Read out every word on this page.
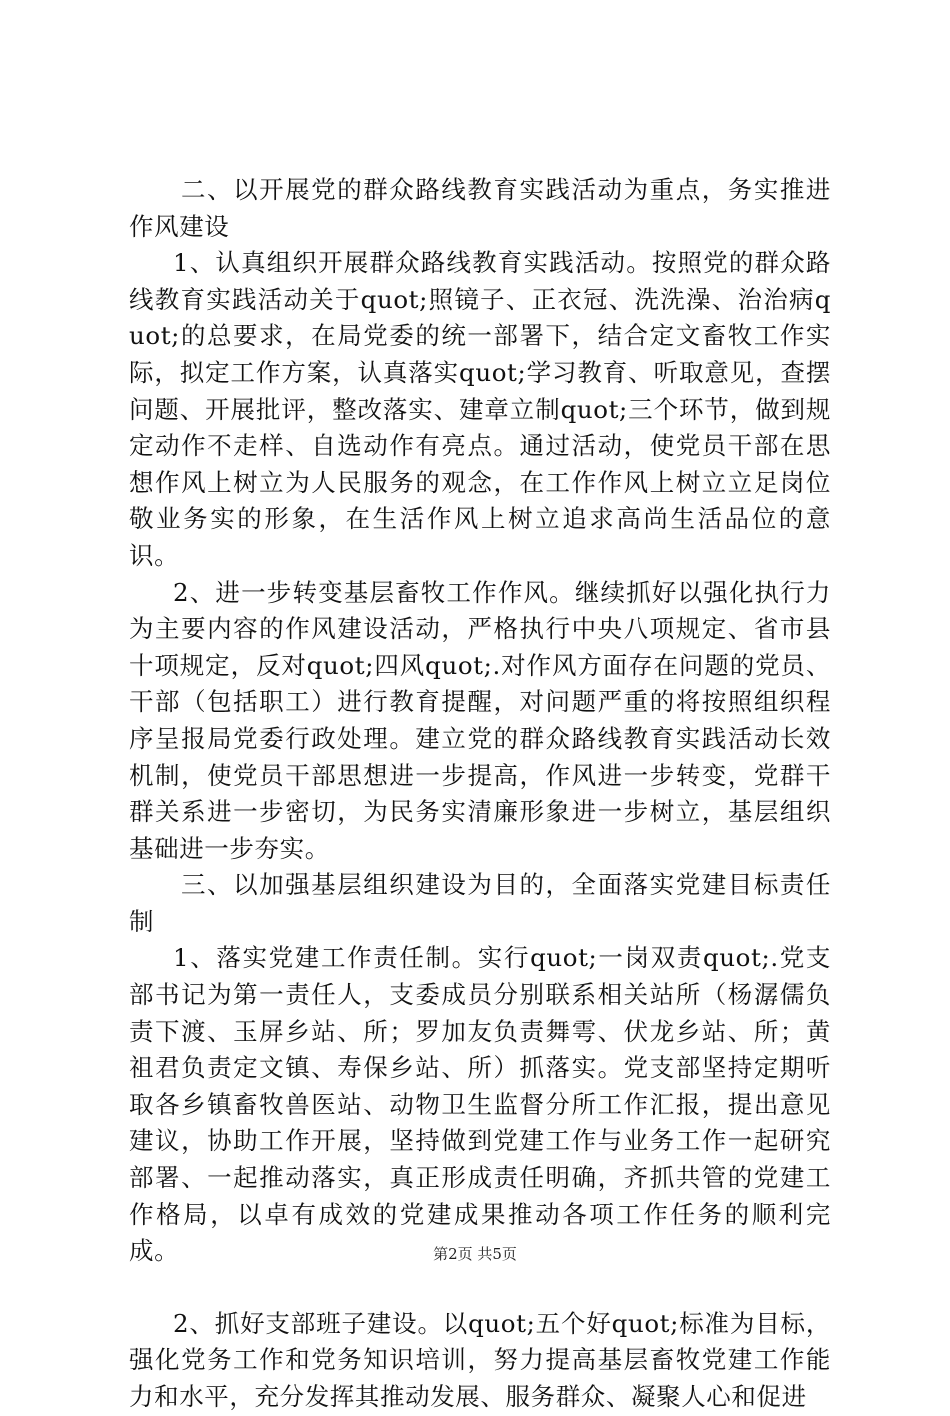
二、以开展党的群众路线教育实践活动为重点，务实推进作风建设

1、认真组织开展群众路线教育实践活动。按照党的群众路线教育实践活动关于quot;照镜子、正衣冠、洗洗澡、治治病quot;的总要求，在局党委的统一部署下，结合定文畜牧工作实际，拟定工作方案，认真落实quot;学习教育、听取意见，查摆问题、开展批评，整改落实、建章立制quot;三个环节，做到规定动作不走样、自选动作有亮点。通过活动，使党员干部在思想作风上树立为人民服务的观念，在工作作风上树立立足岗位敬业务实的形象，在生活作风上树立追求高尚生活品位的意识。

2、进一步转变基层畜牧工作作风。继续抓好以强化执行力为主要内容的作风建设活动，严格执行中央八项规定、省市县十项规定，反对quot;四风quot;.对作风方面存在问题的党员、干部（包括职工）进行教育提醒，对问题严重的将按照组织程序呈报局党委行政处理。建立党的群众路线教育实践活动长效机制，使党员干部思想进一步提高，作风进一步转变，党群干群关系进一步密切，为民务实清廉形象进一步树立，基层组织基础进一步夯实。

三、以加强基层组织建设为目的，全面落实党建目标责任制

1、落实党建工作责任制。实行quot;一岗双责quot;.党支部书记为第一责任人，支委成员分别联系相关站所（杨潺儒负责下渡、玉屏乡站、所；罗加友负责舞雩、伏龙乡站、所；黄祖君负责定文镇、寿保乡站、所）抓落实。党支部坚持定期听取各乡镇畜牧兽医站、动物卫生监督分所工作汇报，提出意见建议，协助工作开展，坚持做到党建工作与业务工作一起研究部署、一起推动落实，真正形成责任明确，齐抓共管的党建工作格局，以卓有成效的党建成果推动各项工作任务的顺利完成。

2、抓好支部班子建设。以quot;五个好quot;标准为目标，强化党务工作和党务知识培训，努力提高基层畜牧党建工作能力和水平，充分发挥其推动发展、服务群众、凝聚人心和促进

第2页 共5页
